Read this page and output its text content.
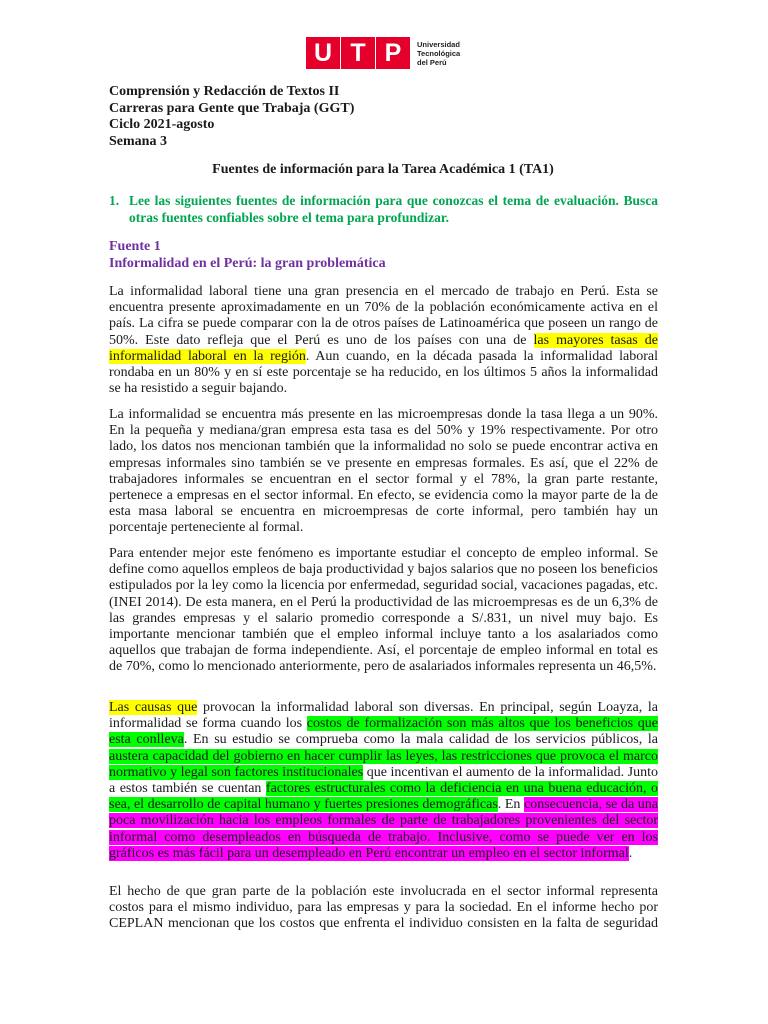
U T P	Universidad
Tecnológica
del Perú
Comprensión y Redacción de Textos II
Carreras para Gente que Trabaja (GGT)
Ciclo 2021-agosto
Semana 3
Fuentes de información para la Tarea Académica 1 (TA1)
1. Lee las siguientes fuentes de información para que conozcas el tema de evaluación. Busca otras fuentes confiables sobre el tema para profundizar.
Fuente 1
Informalidad en el Perú: la gran problemática
La informalidad laboral tiene una gran presencia en el mercado de trabajo en Perú. Esta se encuentra presente aproximadamente en un 70% de la población económicamente activa en el país. La cifra se puede comparar con la de otros países de Latinoamérica que poseen un rango de 50%. Este dato refleja que el Perú es uno de los países con una de las mayores tasas de informalidad laboral en la región. Aun cuando, en la década pasada la informalidad laboral rondaba en un 80% y en sí este porcentaje se ha reducido, en los últimos 5 años la informalidad se ha resistido a seguir bajando.
La informalidad se encuentra más presente en las microempresas donde la tasa llega a un 90%. En la pequeña y mediana/gran empresa esta tasa es del 50% y 19% respectivamente. Por otro lado, los datos nos mencionan también que la informalidad no solo se puede encontrar activa en empresas informales sino también se ve presente en empresas formales. Es así, que el 22% de trabajadores informales se encuentran en el sector formal y el 78%, la gran parte restante, pertenece a empresas en el sector informal. En efecto, se evidencia como la mayor parte de la de esta masa laboral se encuentra en microempresas de corte informal, pero también hay un porcentaje perteneciente al formal.
Para entender mejor este fenómeno es importante estudiar el concepto de empleo informal. Se define como aquellos empleos de baja productividad y bajos salarios que no poseen los beneficios estipulados por la ley como la licencia por enfermedad, seguridad social, vacaciones pagadas, etc. (INEI 2014). De esta manera, en el Perú la productividad de las microempresas es de un 6,3% de las grandes empresas y el salario promedio corresponde a S/.831, un nivel muy bajo. Es importante mencionar también que el empleo informal incluye tanto a los asalariados como aquellos que trabajan de forma independiente. Así, el porcentaje de empleo informal en total es de 70%, como lo mencionado anteriormente, pero de asalariados informales representa un 46,5%.
Las causas que provocan la informalidad laboral son diversas. En principal, según Loayza, la informalidad se forma cuando los costos de formalización son más altos que los beneficios que esta conlleva. En su estudio se comprueba como la mala calidad de los servicios públicos, la austera capacidad del gobierno en hacer cumplir las leyes, las restricciones que provoca el marco normativo y legal son factores institucionales que incentivan el aumento de la informalidad. Junto a estos también se cuentan factores estructurales como la deficiencia en una buena educación, o sea, el desarrollo de capital humano y fuertes presiones demográficas. En consecuencia, se da una poca movilización hacia los empleos formales de parte de trabajadores provenientes del sector informal como desempleados en búsqueda de trabajo. Inclusive, como se puede ver en los gráficos es más fácil para un desempleado en Perú encontrar un empleo en el sector informal.
El hecho de que gran parte de la población este involucrada en el sector informal representa costos para el mismo individuo, para las empresas y para la sociedad. En el informe hecho por CEPLAN mencionan que los costos que enfrenta el individuo consisten en la falta de seguridad
